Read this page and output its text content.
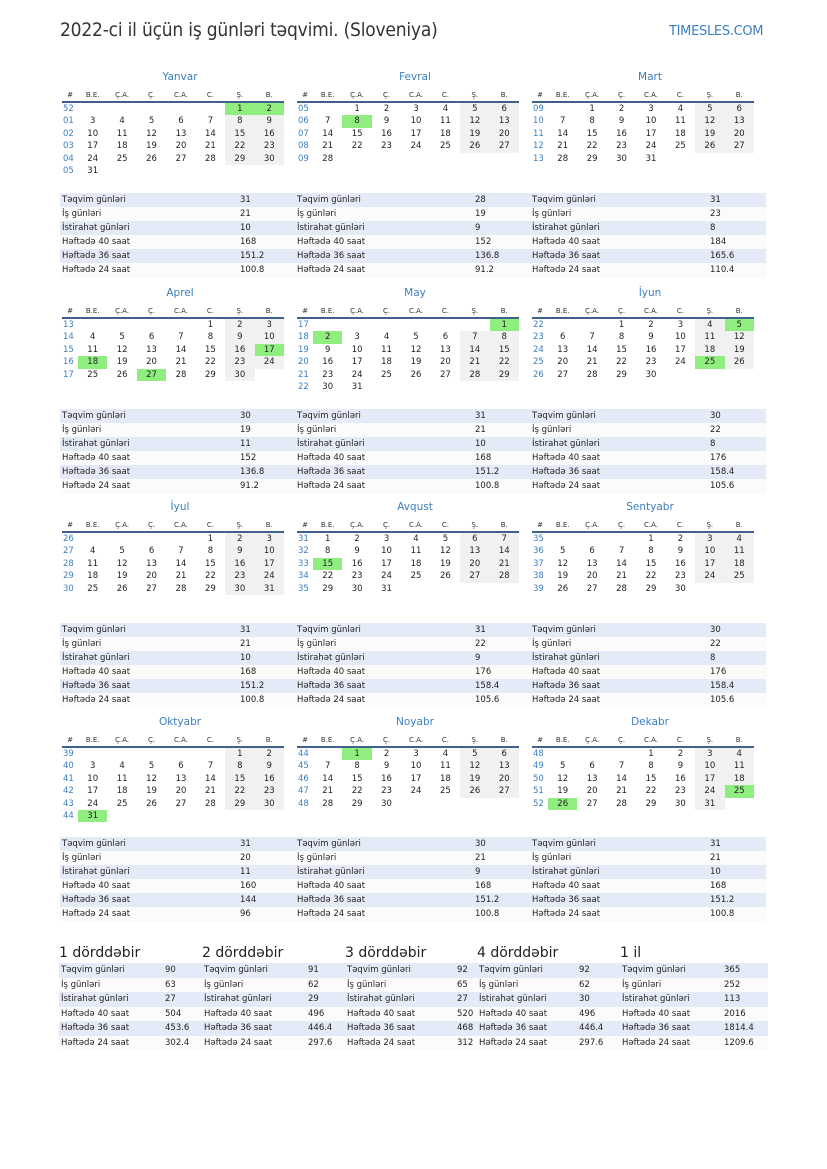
2022-ci il üçün iş günləri təqvimi. (Sloveniya)	TIMESLES.COM
Yanvar
#	B.E.	Ç.A.	Ç.	C.A.	C.	Ş.	B.
52						1	2
01	3	4	5	6	7	8	9
02	10	11	12	13	14	15	16
03	17	18	19	20	21	22	23
04	24	25	26	27	28	29	30
05	31						
Təqvim günləri	31
İş günləri	21
İstirahət günləri	10
Həftədə 40 saat	168
Həftədə 36 saat	151.2
Həftədə 24 saat	100.8
Fevral
#	B.E.	Ç.A.	Ç.	C.A.	C.	Ş.	B.
05		1	2	3	4	5	6
06	7	8	9	10	11	12	13
07	14	15	16	17	18	19	20
08	21	22	23	24	25	26	27
09	28						
Təqvim günləri	28
İş günləri	19
İstirahət günləri	9
Həftədə 40 saat	152
Həftədə 36 saat	136.8
Həftədə 24 saat	91.2
Mart
#	B.E.	Ç.A.	Ç.	C.A.	C.	Ş.	B.
09		1	2	3	4	5	6
10	7	8	9	10	11	12	13
11	14	15	16	17	18	19	20
12	21	22	23	24	25	26	27
13	28	29	30	31			
Təqvim günləri	31
İş günləri	23
İstirahət günləri	8
Həftədə 40 saat	184
Həftədə 36 saat	165.6
Həftədə 24 saat	110.4
Aprel
#	B.E.	Ç.A.	Ç.	C.A.	C.	Ş.	B.
13					1	2	3
14	4	5	6	7	8	9	10
15	11	12	13	14	15	16	17
16	18	19	20	21	22	23	24
17	25	26	27	28	29	30	
Təqvim günləri	30
İş günləri	19
İstirahət günləri	11
Həftədə 40 saat	152
Həftədə 36 saat	136.8
Həftədə 24 saat	91.2
May
#	B.E.	Ç.A.	Ç.	C.A.	C.	Ş.	B.
17							1
18	2	3	4	5	6	7	8
19	9	10	11	12	13	14	15
20	16	17	18	19	20	21	22
21	23	24	25	26	27	28	29
22	30	31					
Təqvim günləri	31
İş günləri	21
İstirahət günləri	10
Həftədə 40 saat	168
Həftədə 36 saat	151.2
Həftədə 24 saat	100.8
İyun
#	B.E.	Ç.A.	Ç.	C.A.	C.	Ş.	B.
22			1	2	3	4	5
23	6	7	8	9	10	11	12
24	13	14	15	16	17	18	19
25	20	21	22	23	24	25	26
26	27	28	29	30			
Təqvim günləri	30
İş günləri	22
İstirahət günləri	8
Həftədə 40 saat	176
Həftədə 36 saat	158.4
Həftədə 24 saat	105.6
İyul
#	B.E.	Ç.A.	Ç.	C.A.	C.	Ş.	B.
26					1	2	3
27	4	5	6	7	8	9	10
28	11	12	13	14	15	16	17
29	18	19	20	21	22	23	24
30	25	26	27	28	29	30	31
Təqvim günləri	31
İş günləri	21
İstirahət günləri	10
Həftədə 40 saat	168
Həftədə 36 saat	151.2
Həftədə 24 saat	100.8
Avqust
#	B.E.	Ç.A.	Ç.	C.A.	C.	Ş.	B.
31	1	2	3	4	5	6	7
32	8	9	10	11	12	13	14
33	15	16	17	18	19	20	21
34	22	23	24	25	26	27	28
35	29	30	31				
Təqvim günləri	31
İş günləri	22
İstirahət günləri	9
Həftədə 40 saat	176
Həftədə 36 saat	158.4
Həftədə 24 saat	105.6
Sentyabr
#	B.E.	Ç.A.	Ç.	C.A.	C.	Ş.	B.
35				1	2	3	4
36	5	6	7	8	9	10	11
37	12	13	14	15	16	17	18
38	19	20	21	22	23	24	25
39	26	27	28	29	30		
Təqvim günləri	30
İş günləri	22
İstirahət günləri	8
Həftədə 40 saat	176
Həftədə 36 saat	158.4
Həftədə 24 saat	105.6
Oktyabr
#	B.E.	Ç.A.	Ç.	C.A.	C.	Ş.	B.
39						1	2
40	3	4	5	6	7	8	9
41	10	11	12	13	14	15	16
42	17	18	19	20	21	22	23
43	24	25	26	27	28	29	30
44	31						
Təqvim günləri	31
İş günləri	20
İstirahət günləri	11
Həftədə 40 saat	160
Həftədə 36 saat	144
Həftədə 24 saat	96
Noyabr
#	B.E.	Ç.A.	Ç.	C.A.	C.	Ş.	B.
44		1	2	3	4	5	6
45	7	8	9	10	11	12	13
46	14	15	16	17	18	19	20
47	21	22	23	24	25	26	27
48	28	29	30				
Təqvim günləri	30
İş günləri	21
İstirahət günləri	9
Həftədə 40 saat	168
Həftədə 36 saat	151.2
Həftədə 24 saat	100.8
Dekabr
#	B.E.	Ç.A.	Ç.	C.A.	C.	Ş.	B.
48				1	2	3	4
49	5	6	7	8	9	10	11
50	12	13	14	15	16	17	18
51	19	20	21	22	23	24	25
52	26	27	28	29	30	31	
Təqvim günləri	31
İş günləri	21
İstirahət günləri	10
Həftədə 40 saat	168
Həftədə 36 saat	151.2
Həftədə 24 saat	100.8
1 dörddəbir
Təqvim günləri	90
İş günləri	63
İstirahət günləri	27
Həftədə 40 saat	504
Həftədə 36 saat	453.6
Həftədə 24 saat	302.4
2 dörddəbir
Təqvim günləri	91
İş günləri	62
İstirahət günləri	29
Həftədə 40 saat	496
Həftədə 36 saat	446.4
Həftədə 24 saat	297.6
3 dörddəbir
Təqvim günləri	92
İş günləri	65
İstirahət günləri	27
Həftədə 40 saat	520
Həftədə 36 saat	468
Həftədə 24 saat	312
4 dörddəbir
Təqvim günləri	92
İş günləri	62
İstirahət günləri	30
Həftədə 40 saat	496
Həftədə 36 saat	446.4
Həftədə 24 saat	297.6
1 il
Təqvim günləri	365
İş günləri	252
İstirahət günləri	113
Həftədə 40 saat	2016
Həftədə 36 saat	1814.4
Həftədə 24 saat	1209.6
